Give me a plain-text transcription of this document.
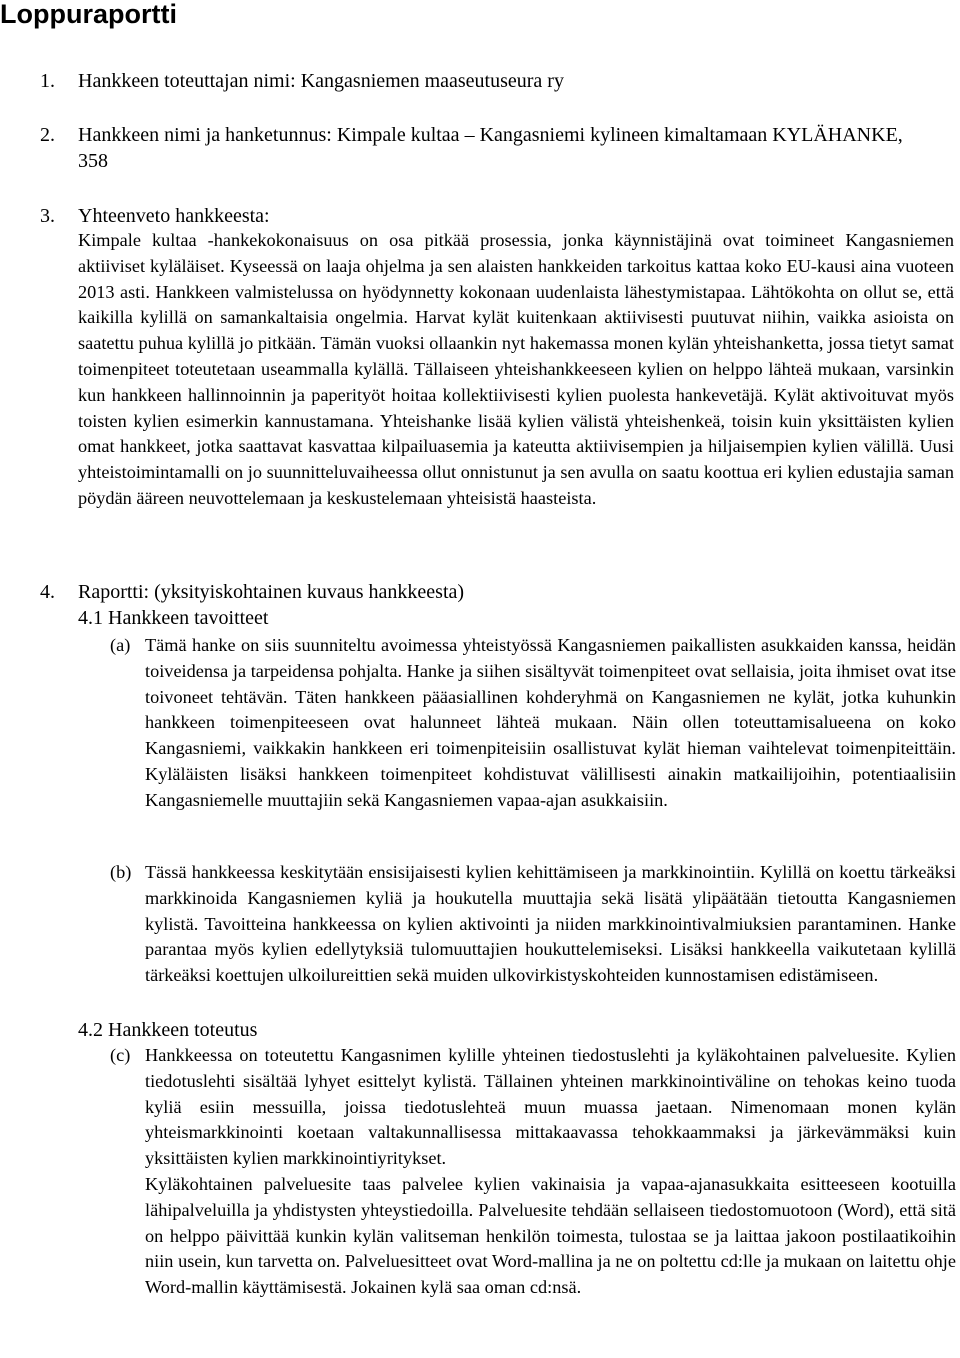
Loppuraportti
1. Hankkeen toteuttajan nimi: Kangasniemen maaseutuseura ry
2. Hankkeen nimi ja hanketunnus: Kimpale kultaa – Kangasniemi kylineen kimaltamaan KYLÄHANKE, 358
3. Yhteenveto hankkeesta:

Kimpale kultaa -hankekokonaisuus on osa pitkää prosessia, jonka käynnistäjinä ovat toimineet Kangasniemen aktiiviset kyläläiset. Kyseessä on laaja ohjelma ja sen alaisten hankkeiden tarkoitus kattaa koko EU-kausi aina vuoteen 2013 asti. Hankkeen valmistelussa on hyödynnetty kokonaan uudenlaista lähestymistapaa. Lähtökohta on ollut se, että kaikilla kylillä on samankaltaisia ongelmia. Harvat kylät kuitenkaan aktiivisesti puutuvat niihin, vaikka asioista on saatettu puhua kylillä jo pitkään. Tämän vuoksi ollaankin nyt hakemassa monen kylän yhteishanketta, jossa tietyt samat toimenpiteet toteutetaan useammalla kylällä. Tällaiseen yhteishankkeeseen kylien on helppo lähteä mukaan, varsinkin kun hankkeen hallinnoinnin ja paperityöt hoitaa kollektiivisesti kylien puolesta hankevetäjä. Kylät aktivoituvat myös toisten kylien esimerkin kannustamana. Yhteishanke lisää kylien välistä yhteishenkeä, toisin kuin yksittäisten kylien omat hankkeet, jotka saattavat kasvattaa kilpailuasemia ja kateutta aktiivisempien ja hiljaisempien kylien välillä. Uusi yhteistoimintamalli on jo suunnitteluvaiheessa ollut onnistunut ja sen avulla on saatu koottua eri kylien edustajia saman pöydän ääreen neuvottelemaan ja keskustelemaan yhteisistä haasteista.

4. Raportti: (yksityiskohtainen kuvaus hankkeesta)
4.1 Hankkeen tavoitteet
(a) Tämä hanke on siis suunniteltu avoimessa yhteistyössä Kangasniemen paikallisten asukkaiden kanssa, heidän toiveidensa ja tarpeidensa pohjalta. Hanke ja siihen sisältyvät toimenpiteet ovat sellaisia, joita ihmiset ovat itse toivoneet tehtävän. Täten hankkeen pääasiallinen kohderyhmä on Kangasniemen ne kylät, jotka kuhunkin hankkeen toimenpiteeseen ovat halunneet lähteä mukaan. Näin ollen toteuttamisalueena on koko Kangasniemi, vaikkakin hankkeen eri toimenpiteisiin osallistuvat kylät hieman vaihtelevat toimenpiteittäin. Kyläläisten lisäksi hankkeen toimenpiteet kohdistuvat välillisesti ainakin matkailijoihin, potentiaalisiin Kangasniemelle muuttajiin sekä Kangasniemen vapaa-ajan asukkaisiin.
(b) Tässä hankkeessa keskitytään ensisijaisesti kylien kehittämiseen ja markkinointiin. Kylillä on koettu tärkeäksi markkinoida Kangasniemen kyliä ja houkutella muuttajia sekä lisätä ylipäätään tietoutta Kangasniemen kylistä. Tavoitteina hankkeessa on kylien aktivointi ja niiden markkinointivalmiuksien parantaminen. Hanke parantaa myös kylien edellytyksiä tulomuuttajien houkuttelemiseksi. Lisäksi hankkeella vaikutetaan kylillä tärkeäksi koettujen ulkoilureittien sekä muiden ulkovirkistyskohteiden kunnostamisen edistämiseen.
4.2 Hankkeen toteutus
(c) Hankkeessa on toteutettu Kangasnimen kylille yhteinen tiedostuslehti ja kyläkohtainen palveluesite. Kylien tiedotuslehti sisältää lyhyet esittelyt kylistä. Tällainen yhteinen markkinointiväline on tehokas keino tuoda kyliä esiin messuilla, joissa tiedotuslehteä muun muassa jaetaan. Nimenomaan monen kylän yhteismarkkinointi koetaan valtakunnallisessa mittakaavassa tehokkaammaksi ja järkevämmäksi kuin yksittäisten kylien markkinointiyritykset.
Kyläkohtainen palveluesite taas palvelee kylien vakinaisia ja vapaa-ajanasukkaita esitteeseen kootuilla lähipalveluilla ja yhdistysten yhteystiedoilla. Palveluesite tehdään sellaiseen tiedostomuotoon (Word), että sitä on helppo päivittää kunkin kylän valitseman henkilön toimesta, tulostaa se ja laittaa jakoon postilaatikoihin niin usein, kun tarvetta on. Palveluesitteet ovat Word-mallina ja ne on poltettu cd:lle ja mukaan on laitettu ohje Word-mallin käyttämisestä. Jokainen kylä saa oman cd:nsä.
